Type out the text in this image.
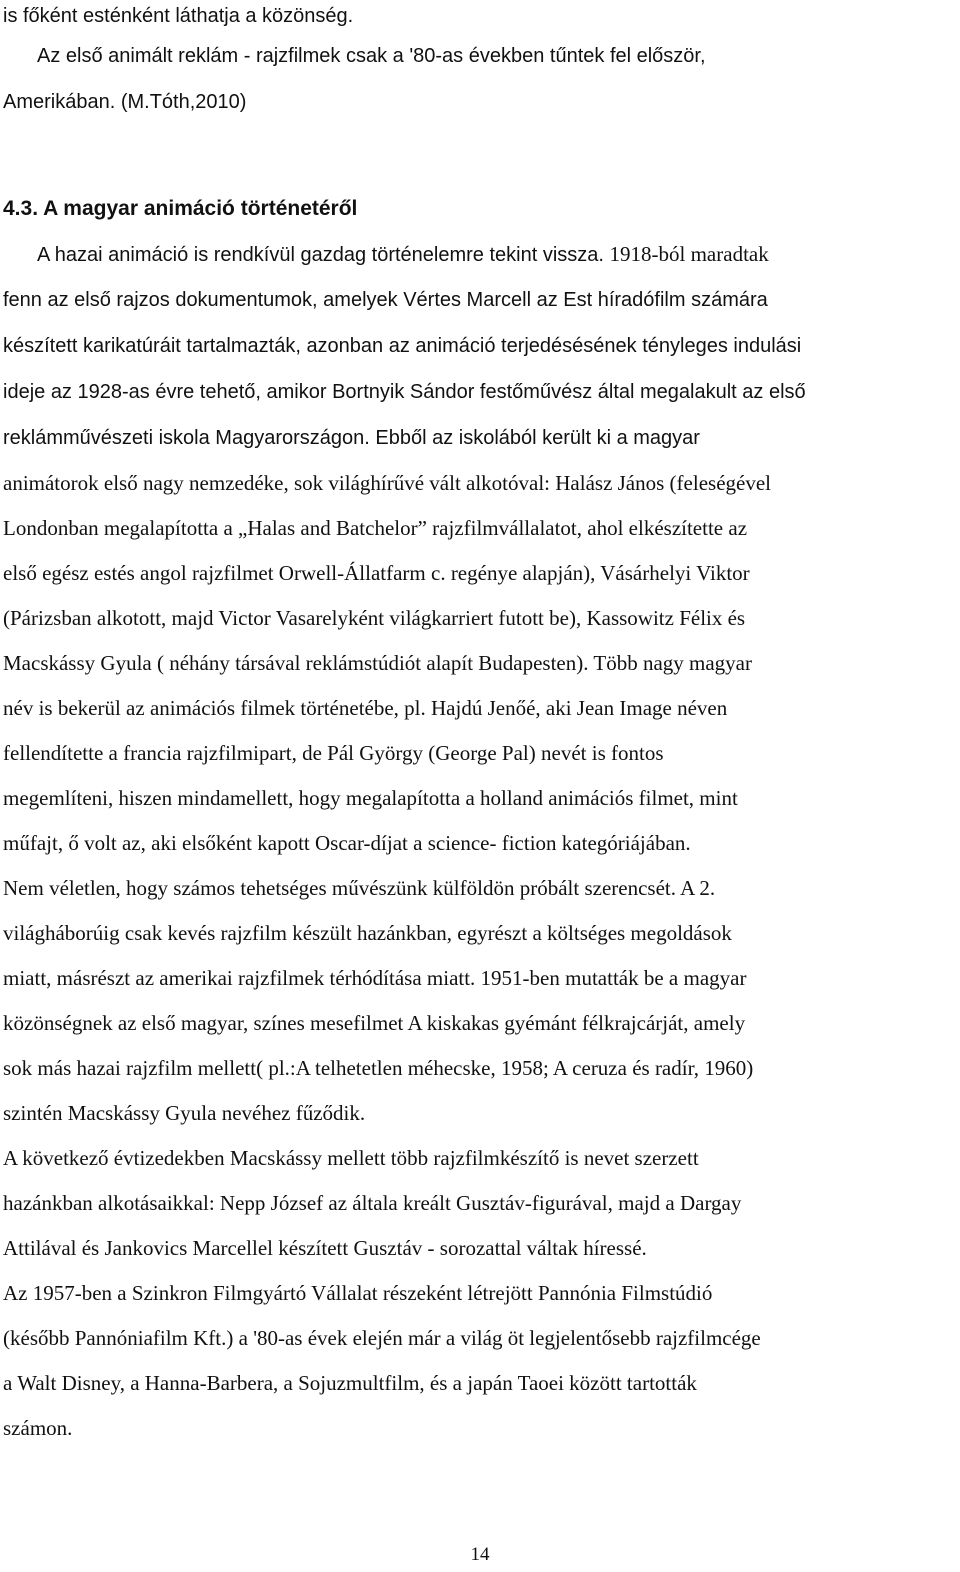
is főként esténként láthatja a közönség.
Az első animált reklám - rajzfilmek csak a '80-as években tűntek fel először,
Amerikában. (M.Tóth,2010)
4.3. A magyar animáció történetéről
A hazai animáció is rendkívül gazdag történelemre tekint vissza. 1918-ból maradtak
fenn az első rajzos dokumentumok, amelyek Vértes Marcell az Est híradófilm számára
készített karikatúráit tartalmazták, azonban az animáció terjedésésének tényleges indulási
ideje az 1928-as évre tehető, amikor Bortnyik Sándor festőművész által megalakult az első
reklámművészeti iskola Magyarországon. Ebből az iskolából került ki a magyar
animátorok első nagy nemzedéke, sok világhírűvé vált alkotóval: Halász János (feleségével
Londonban megalapította a „Halas and Batchelor” rajzfilmvállalatot, ahol elkészítette az
első egész estés angol rajzfilmet Orwell-Állatfarm c. regénye alapján), Vásárhelyi Viktor
(Párizsban alkotott, majd Victor Vasarelyként világkarriert futott be), Kassowitz Félix és
Macskássy Gyula ( néhány társával reklámstúdiót alapít Budapesten). Több nagy magyar
név is bekerül az animációs filmek történetébe, pl. Hajdú Jenőé, aki Jean Image néven
fellendítette a francia rajzfilmipart, de Pál György (George Pal) nevét is fontos
megemlíteni, hiszen mindamellett, hogy megalapította a holland animációs filmet, mint
műfajt, ő volt az, aki elsőként kapott Oscar-díjat a science- fiction kategóriájában.
Nem véletlen, hogy számos tehetséges művészünk külföldön próbált szerencsét. A 2.
világháborúig csak kevés rajzfilm készült hazánkban, egyrészt a költséges megoldások
miatt, másrészt az amerikai rajzfilmek térhódítása miatt. 1951-ben mutatták be a magyar
közönségnek az első magyar, színes mesefilmet A kiskakas gyémánt félkrajcárját, amely
sok más hazai rajzfilm mellett( pl.:A telhetetlen méhecske, 1958; A ceruza és radír, 1960)
szintén Macskássy Gyula nevéhez fűződik.
A következő évtizedekben Macskássy mellett több rajzfilmkészítő is nevet szerzett
hazánkban alkotásaikkal: Nepp József az általa kreált Gusztáv-figurával, majd a Dargay
Attilával és Jankovics Marcellel készített Gusztáv - sorozattal váltak híressé.
Az 1957-ben a Szinkron Filmgyártó Vállalat részeként létrejött Pannónia Filmstúdió
(később Pannóniafilm Kft.) a '80-as évek elején már a világ öt legjelentősebb rajzfilmcége
a Walt Disney, a Hanna-Barbera, a Sojuzmultfilm, és a japán Taoei között tartották
számon.
14
